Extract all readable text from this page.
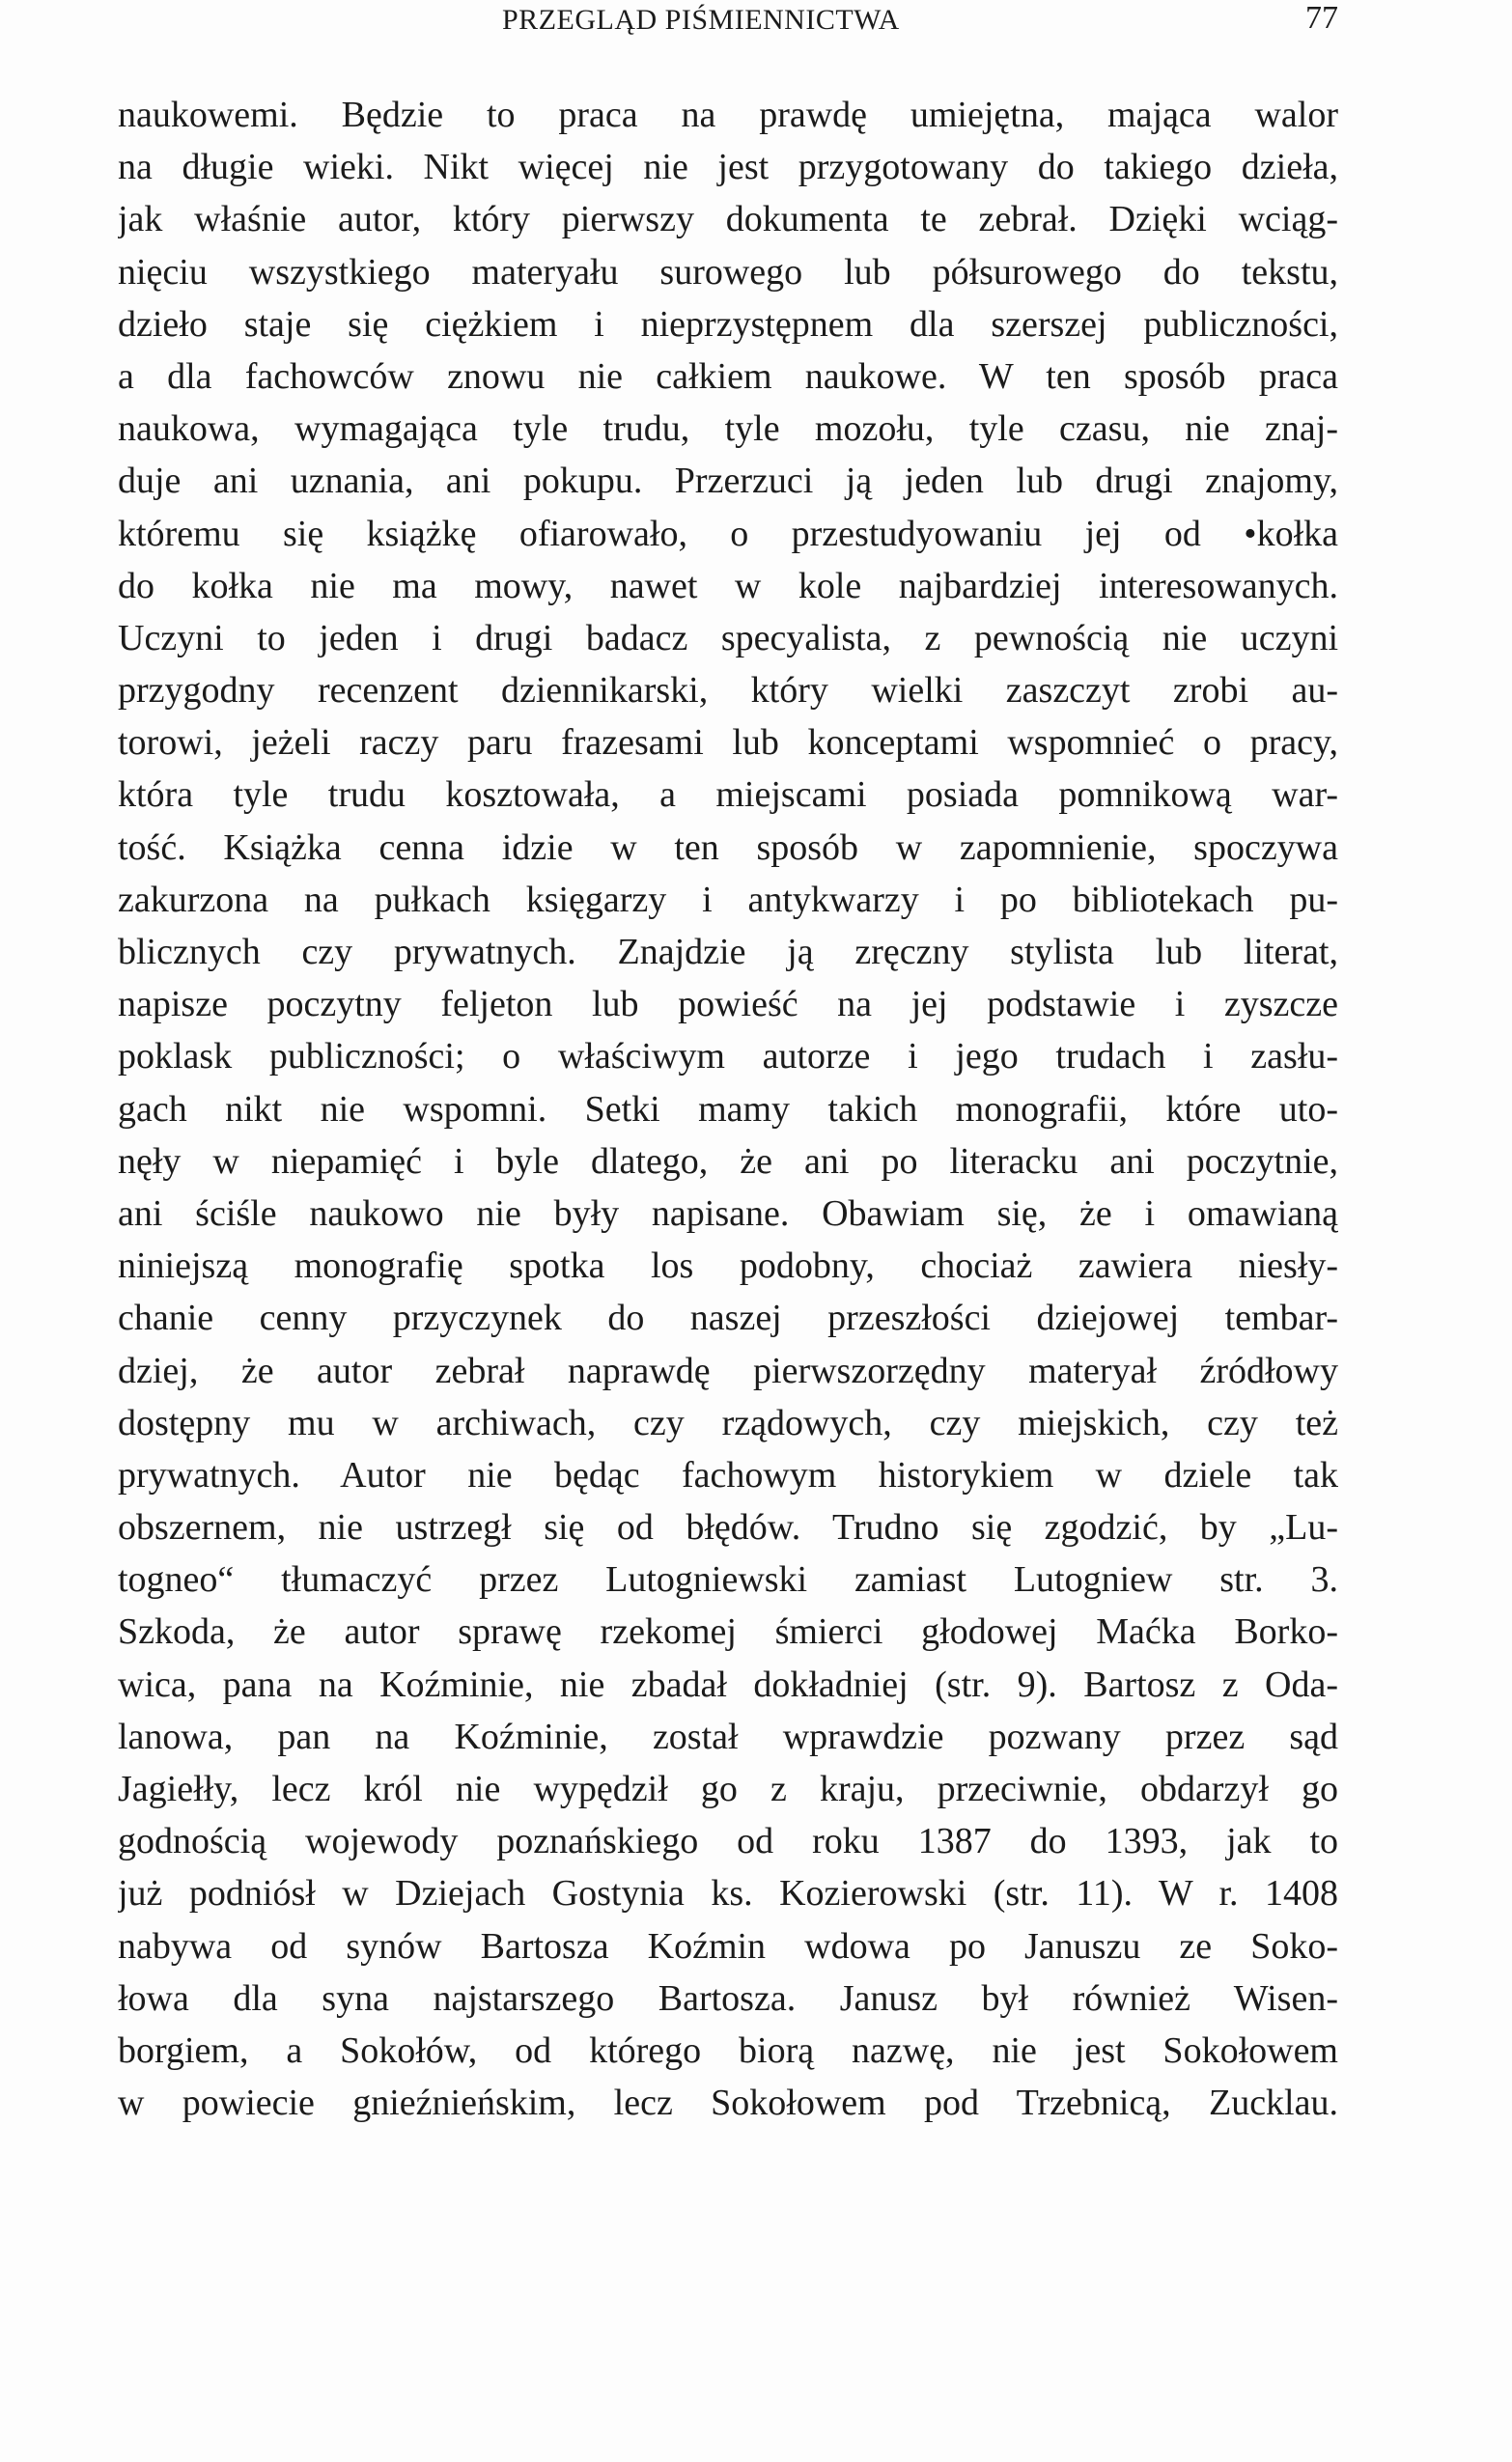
PRZEGLĄD PIŚMIENNICTWA	77
naukowemi. Będzie to praca na prawdę umiejętna, mająca walor
na długie wieki. Nikt więcej nie jest przygotowany do takiego dzieła,
jak właśnie autor, który pierwszy dokumenta te zebrał. Dzięki wciąg-
nięciu wszystkiego materyału surowego lub półsurowego do tekstu,
dzieło staje się ciężkiem i nieprzystępnem dla szerszej publiczności,
a dla fachowców znowu nie całkiem naukowe. W ten sposób praca
naukowa, wymagająca tyle trudu, tyle mozołu, tyle czasu, nie znaj-
duje ani uznania, ani pokupu. Przerzuci ją jeden lub drugi znajomy,
któremu się książkę ofiarowało, o przestudyowaniu jej od •kołka
do kołka nie ma mowy, nawet w kole najbardziej interesowanych.
Uczyni to jeden i drugi badacz specyalista, z pewnością nie uczyni
przygodny recenzent dziennikarski, który wielki zaszczyt zrobi au-
torowi, jeżeli raczy paru frazesami lub konceptami wspomnieć o pracy,
która tyle trudu kosztowała, a miejscami posiada pomnikową war-
tość. Książka cenna idzie w ten sposób w zapomnienie, spoczywa
zakurzona na pułkach księgarzy i antykwarzy i po bibliotekach pu-
blicznych czy prywatnych. Znajdzie ją zręczny stylista lub literat,
napisze poczytny feljeton lub powieść na jej podstawie i zyszcze
poklask publiczności; o właściwym autorze i jego trudach i zasłu-
gach nikt nie wspomni. Setki mamy takich monografii, które uto-
nęły w niepamięć i byle dlatego, że ani po literacku ani poczytnie,
ani ściśle naukowo nie były napisane. Obawiam się, że i omawianą
niniejszą monografię spotka los podobny, chociaż zawiera niesły-
chanie cenny przyczynek do naszej przeszłości dziejowej tembar-
dziej, że autor zebrał naprawdę pierwszorzędny materyał źródłowy
dostępny mu w archiwach, czy rządowych, czy miejskich, czy też
prywatnych. Autor nie będąc fachowym historykiem w dziele tak
obszernem, nie ustrzegł się od błędów. Trudno się zgodzić, by „Lu-
togneo“ tłumaczyć przez Lutogniewski zamiast Lutogniew str. 3.
Szkoda, że autor sprawę rzekomej śmierci głodowej Maćka Borko-
wica, pana na Koźminie, nie zbadał dokładniej (str. 9). Bartosz z Oda-
lanowa, pan na Koźminie, został wprawdzie pozwany przez sąd
Jagiełły, lecz król nie wypędził go z kraju, przeciwnie, obdarzył go
godnością wojewody poznańskiego od roku 1387 do 1393, jak to
już podniósł w Dziejach Gostynia ks. Kozierowski (str. 11). W r. 1408
nabywa od synów Bartosza Koźmin wdowa po Januszu ze Soko-
łowa dla syna najstarszego Bartosza. Janusz był również Wisen-
borgiem, a Sokołów, od którego biorą nazwę, nie jest Sokołowem
w powiecie gnieźnieńskim, lecz Sokołowem pod Trzebnicą, Zucklau.
